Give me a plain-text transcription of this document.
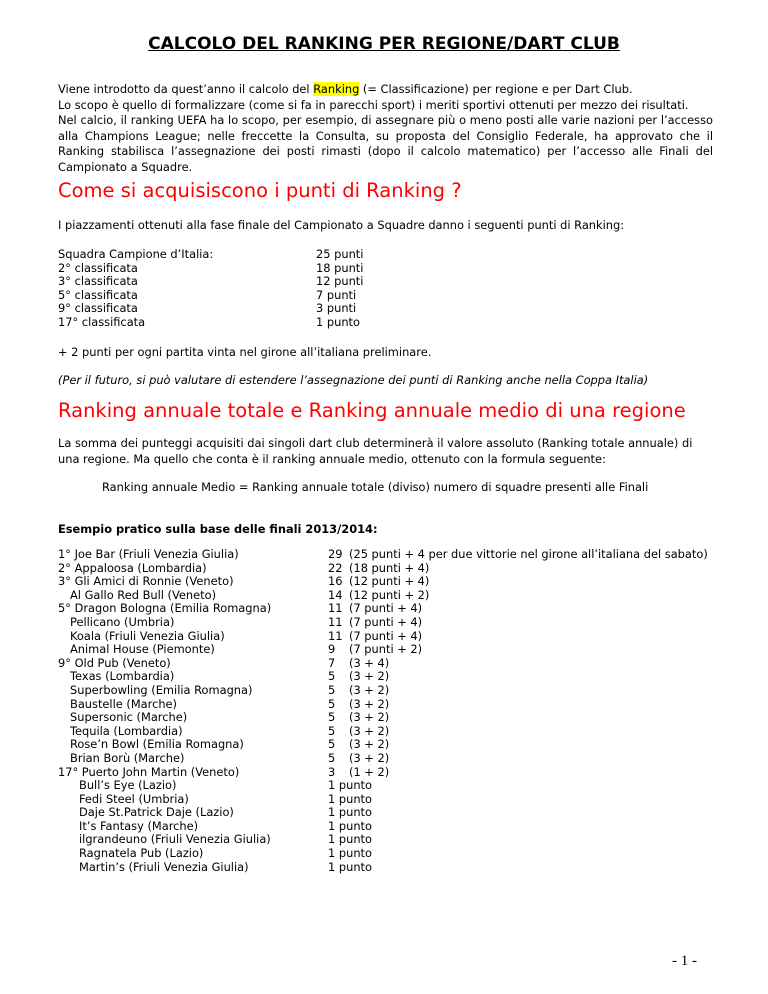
CALCOLO DEL RANKING PER REGIONE/DART CLUB
Viene introdotto da quest’anno il calcolo del Ranking (= Classificazione) per regione e per Dart Club.
Lo scopo è quello di formalizzare (come si fa in parecchi sport) i meriti sportivi ottenuti per mezzo dei risultati.
Nel calcio, il ranking UEFA ha lo scopo, per esempio, di assegnare più o meno posti alle varie nazioni per l’accesso alla Champions League; nelle freccette la Consulta, su proposta del Consiglio Federale, ha approvato che il Ranking stabilisca l’assegnazione dei posti rimasti (dopo il calcolo matematico) per l’accesso alle Finali del Campionato a Squadre.
Come si acquisiscono i punti di Ranking ?
I piazzamenti ottenuti alla fase finale del Campionato a Squadre danno i seguenti punti di Ranking:
Squadra Campione d’Italia:
2° classificata
3° classificata
5° classificata
9° classificata
17° classificata
25 punti
18 punti
12 punti
7 punti
3 punti
1 punto
+ 2 punti per ogni partita vinta nel girone all’italiana preliminare.
(Per il futuro, si può valutare di estendere l’assegnazione dei punti di Ranking anche nella Coppa Italia)
Ranking annuale totale e Ranking annuale medio di una regione
La somma dei punteggi acquisiti dai singoli dart club determinerà il valore assoluto (Ranking totale annuale) di una regione. Ma quello che conta è il ranking annuale medio, ottenuto con la formula seguente:
Ranking annuale Medio = Ranking annuale totale (diviso) numero di squadre presenti alle Finali
Esempio pratico sulla base delle finali 2013/2014:
1° Joe Bar (Friuli Venezia Giulia)
2° Appaloosa (Lombardia)
3° Gli Amici di Ronnie (Veneto)
Al Gallo Red Bull (Veneto)
5° Dragon Bologna (Emilia Romagna)
Pellicano (Umbria)
Koala (Friuli Venezia Giulia)
Animal House (Piemonte)
9° Old Pub (Veneto)
Texas (Lombardia)
Superbowling (Emilia Romagna)
Baustelle (Marche)
Supersonic (Marche)
Tequila (Lombardia)
Rose’n Bowl (Emilia Romagna)
Brian Borù (Marche)
17° Puerto John Martin (Veneto)
Bull’s Eye (Lazio)
Fedi Steel (Umbria)
Daje St.Patrick Daje (Lazio)
It’s Fantasy (Marche)
ilgrandeuno (Friuli Venezia Giulia)
Ragnatela Pub (Lazio)
Martin’s (Friuli Venezia Giulia)
29
22
16
14
11
11
11
9
7
5
5
5
5
5
5
5
3
1 punto
1 punto
1 punto
1 punto
1 punto
1 punto
1 punto
(25 punti + 4 per due vittorie nel girone all’italiana del sabato)
(18 punti + 4)
(12 punti + 4)
(12 punti + 2)
(7 punti + 4)
(7 punti + 4)
(7 punti + 4)
(7 punti + 2)
(3 + 4)
(3 + 2)
(3 + 2)
(3 + 2)
(3 + 2)
(3 + 2)
(3 + 2)
(3 + 2)
(1 + 2)
- 1 -
